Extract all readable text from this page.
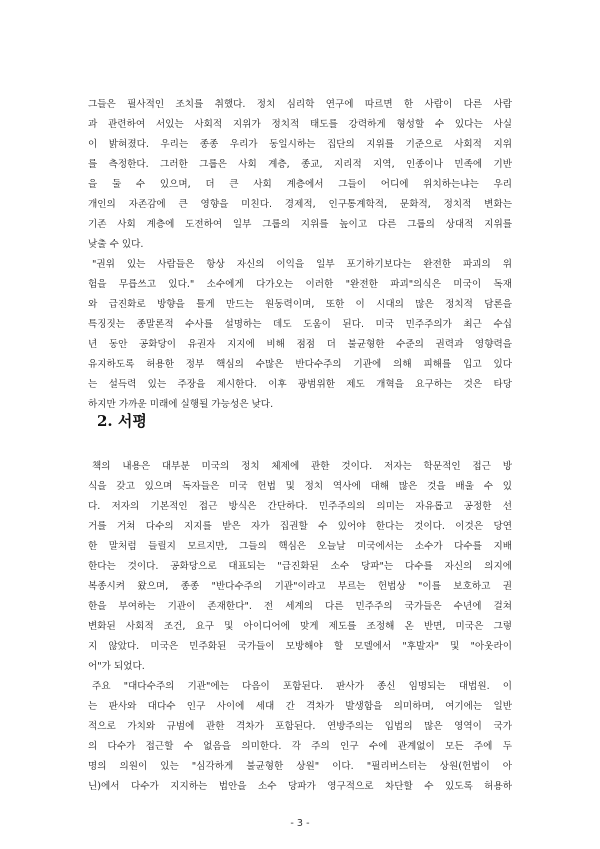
그들은 필사적인 조치를 취했다. 정치 심리학 연구에 따르면 한 사람이 다른 사람
과 관련하여 서있는 사회적 지위가 정치적 태도를 강력하게 형성할 수 있다는 사실
이 밝혀졌다. 우리는 종종 우리가 동일시하는 집단의 지위를 기준으로 사회적 지위
를 측정한다. 그러한 그룹은 사회 계층, 종교, 지리적 지역, 인종이나 민족에 기반
을 둘 수 있으며, 더 큰 사회 계층에서 그들이 어디에 위치하는냐는 우리
개인의 자존감에 큰 영향을 미친다. 경제적, 인구통계학적, 문화적, 정치적 변화는
기존 사회 계층에 도전하여 일부 그룹의 지위를 높이고 다른 그룹의 상대적 지위를
낮출 수 있다.
"권위 있는 사람들은 항상 자신의 이익을 일부 포기하기보다는 완전한 파괴의 위
험을 무릅쓰고 있다." 소수에게 다가오는 이러한 "완전한 파괴"의식은 미국이 독재
와 급진화로 방향을 틀게 만드는 원동력이며, 또한 이 시대의 많은 정치적 담론을
특징짓는 종말론적 수사를 설명하는 데도 도움이 된다. 미국 민주주의가 최근 수십
년 동안 공화당이 유권자 지지에 비해 점점 더 불균형한 수준의 권력과 영향력을
유지하도록 허용한 정부 핵심의 수많은 반다수주의 기관에 의해 피해를 입고 있다
는 설득력 있는 주장을 제시한다. 이후 광범위한 제도 개혁을 요구하는 것은 타당
하지만 가까운 미래에 실행될 가능성은 낮다.
2. 서평
책의 내용은 대부분 미국의 정치 체제에 관한 것이다. 저자는 학문적인 접근 방
식을 갖고 있으며 독자들은 미국 헌법 및 정치 역사에 대해 많은 것을 배울 수 있
다. 저자의 기본적인 접근 방식은 간단하다. 민주주의의 의미는 자유롭고 공정한 선
거를 거쳐 다수의 지지를 받은 자가 집권할 수 있어야 한다는 것이다. 이것은 당연
한 말처럼 들릴지 모르지만, 그들의 핵심은 오늘날 미국에서는 소수가 다수를 지배
한다는 것이다. 공화당으로 대표되는 "급진화된 소수 당파"는 다수를 자신의 의지에
복종시켜 왔으며, 종종 "반다수주의 기관"이라고 부르는 헌법상 "이를 보호하고 권
한을 부여하는 기관이 존재한다". 전 세계의 다른 민주주의 국가들은 수년에 걸쳐
변화된 사회적 조건, 요구 및 아이디어에 맞게 제도를 조정해 온 반면, 미국은 그렇
지 않았다. 미국은 민주화된 국가들이 모방해야 할 모델에서 "후발자" 및 "아웃라이
어"가 되었다.
주요 "대다수주의 기관"에는 다음이 포함된다. 판사가 종신 임명되는 대법원. 이
는 판사와 대다수 인구 사이에 세대 간 격차가 발생함을 의미하며, 여기에는 일반
적으로 가치와 규범에 관한 격차가 포함된다. 연방주의는 입법의 많은 영역이 국가
의 다수가 접근할 수 없음을 의미한다. 각 주의 인구 수에 관계없이 모든 주에 두
명의 의원이 있는 "심각하게 불균형한 상원" 이다. "필리버스터는 상원(헌법이 아
닌)에서 다수가 지지하는 법안을 소수 당파가 영구적으로 차단할 수 있도록 허용하
- 3 -
